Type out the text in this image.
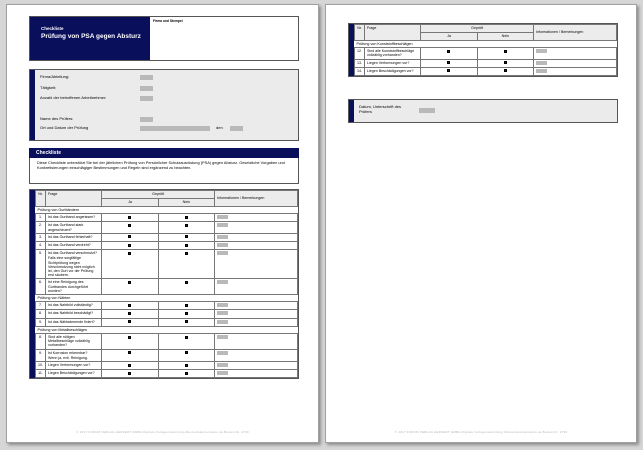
Checkliste
Prüfung von PSA gegen Absturz
Firma und Stempel
Firma/Abteilung:
Tätigkeit:
Anzahl der betroffenen Arbeitnehmer:
Name des Prüfers:
Ort und Datum der Prüfung	den
Checkliste
Diese Checkliste unterstützt Sie bei der jährlichen Prüfung von Persönlicher Schutzausrüstung (PSA) gegen Absturz. Gesetzliche Vorgaben und Konkretisierungen einschlägiger Bestimmungen und Regeln sind ergänzend zu beachten.
Nr.	Frage	Geprüft		Informationen / Bemerkungen
		Ja	Nein	
Prüfung von Gurtbändern				
1.	Ist das Gurtband angerissen?			

2.	Ist das Gurtband stark angescheuert?			

3.	Ist das Gurtband fehlerhaft?			

4.	Ist das Gurtband verdreht?			

5.	Ist das Gurtband verschmutzt?
Falls eine sorgfältige Sichtprüfung wegen Verschmutzung nicht möglich ist, den Gurt vor der Prüfung erst säubern.			

6.	Ist eine Reinigung des Gurtbandes durchgeführt worden?			

Prüfung von Nähten				
7.	Ist das Nahtbild vollständig?			

8.	Ist das Nahtbild beschädigt?			

9.	Ist das Nähfadenende fixiert?			

Prüfung von Metallbeschlägen				
8.	Sind alle nötigen Metallbeschläge vollzählig vorhanden?			

9.	Ist Korrosion erkennbar?
Wenn ja, evtl. Reinigung.			

10.	Liegen Verformungen vor?			

11.	Liegen Beschädigungen vor?			

© 2017 FORUM VERLAG HERKERT GMBH Digitale Vorlagensammlung Musterdokumentation.de Bestell-Nr. 2730
Nr.	Frage	Geprüft		Informationen / Bemerkungen
		Ja	Nein	
Prüfung von Kunststoffbeschlägen				
12.	Sind alle Kunststoffbeschläge vollzählig vorhanden?			
13.	Liegen Verformungen vor?			
14.	Liegen Beschädigungen vor?			
Datum, Unterschrift des Prüfers
© 2017 FORUM VERLAG HERKERT GMBH Digitale Vorlagensammlung Musterdokumentation.de Bestell-Nr. 2730
